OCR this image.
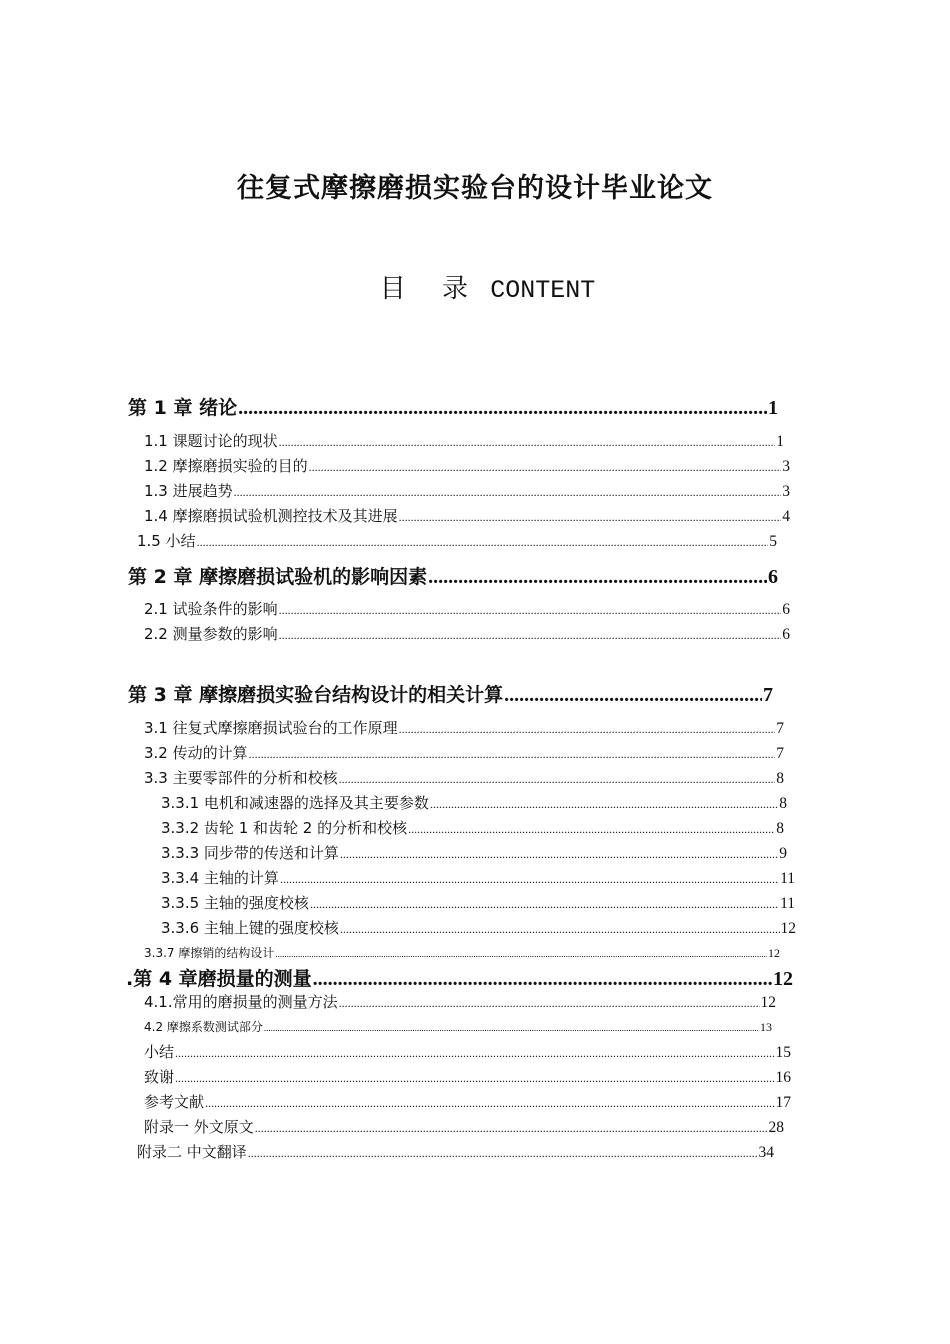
往复式摩擦磨损实验台的设计毕业论文
目 录 CONTENT
第 1 章 绪论 .....	1
1.1 课题讨论的现状 .....	1
1.2 摩擦磨损实验的目的 .....	3
1.3 进展趋势 .....	3
1.4 摩擦磨损试验机测控技术及其进展 .....	4
1.5 小结 .....	5
第 2 章 摩擦磨损试验机的影响因素 .....	6
2.1 试验条件的影响 .....	6
2.2 测量参数的影响 .....	6
第 3 章 摩擦磨损实验台结构设计的相关计算 .....	7
3.1 往复式摩擦磨损试验台的工作原理 .....	7
3.2 传动的计算 .....	7
3.3 主要零部件的分析和校核 .....	8
3.3.1 电机和减速器的选择及其主要参数 .....	8
3.3.2 齿轮 1 和齿轮 2 的分析和校核 .....	8
3.3.3 同步带的传送和计算 .....	9
3.3.4 主轴的计算 .....	11
3.3.5 主轴的强度校核 .....	11
3.3.6 主轴上键的强度校核 .....	12
3.3.7 摩擦销的结构设计 .....	12
.第 4 章磨损量的测量 .....	12
4.1.常用的磨损量的测量方法 .....	12
4.2 摩擦系数测试部分 .....	13
小结 .....	15
致谢 .....	16
参考文献 .....	17
附录一 外文原文 .....	28
附录二 中文翻译 .....	34
